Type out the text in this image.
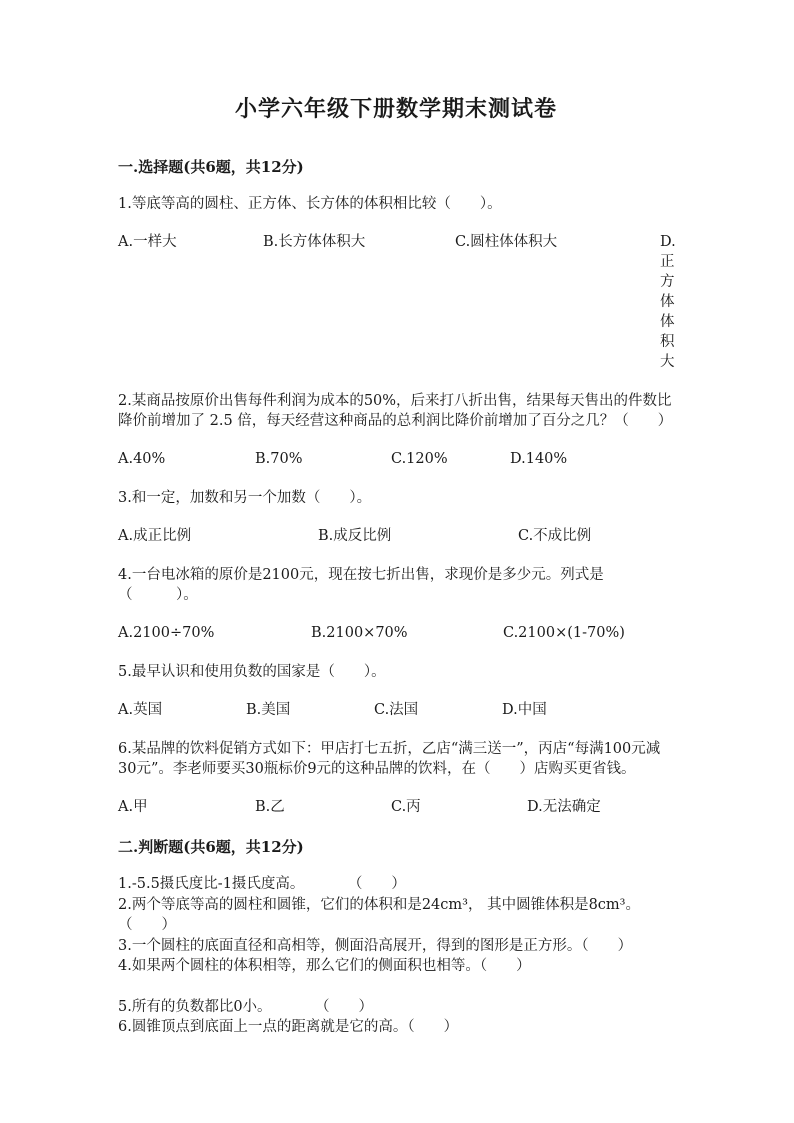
小学六年级下册数学期末测试卷
一.选择题(共6题，共12分)
1.等底等高的圆柱、正方体、长方体的体积相比较（　　）。
A.一样大	B.长方体体积大	C.圆柱体体积大	D.正方体体积大
2.某商品按原价出售每件利润为成本的50%，后来打八折出售，结果每天售出的件数比降价前增加了 2.5 倍，每天经营这种商品的总利润比降价前增加了百分之几？（　　）
A.40%	B.70%	C.120%	D.140%
3.和一定，加数和另一个加数（　　）。
A.成正比例	B.成反比例	C.不成比例
4.一台电冰箱的原价是2100元，现在按七折出售，求现价是多少元。列式是（　　　）。
A.2100÷70%	B.2100×70%	C.2100×(1-70%)
5.最早认识和使用负数的国家是（　　）。
A.英国	B.美国	C.法国	D.中国
6.某品牌的饮料促销方式如下：甲店打七五折，乙店“满三送一”，丙店“每满100元减30元”。李老师要买30瓶标价9元的这种品牌的饮料，在（　　）店购买更省钱。
A.甲	B.乙	C.丙	D.无法确定
二.判断题(共6题，共12分)
1.-5.5摄氏度比-1摄氏度高。　　　　（　　）
2.两个等底等高的圆柱和圆锥，它们的体积和是24cm³， 其中圆锥体积是8cm³。（　　）
3.一个圆柱的底面直径和高相等，侧面沿高展开，得到的图形是正方形。（　　）
4.如果两个圆柱的体积相等，那么它们的侧面积也相等。（　　）
5.所有的负数都比0小。　　　　（　　）
6.圆锥顶点到底面上一点的距离就是它的高。（　　）
